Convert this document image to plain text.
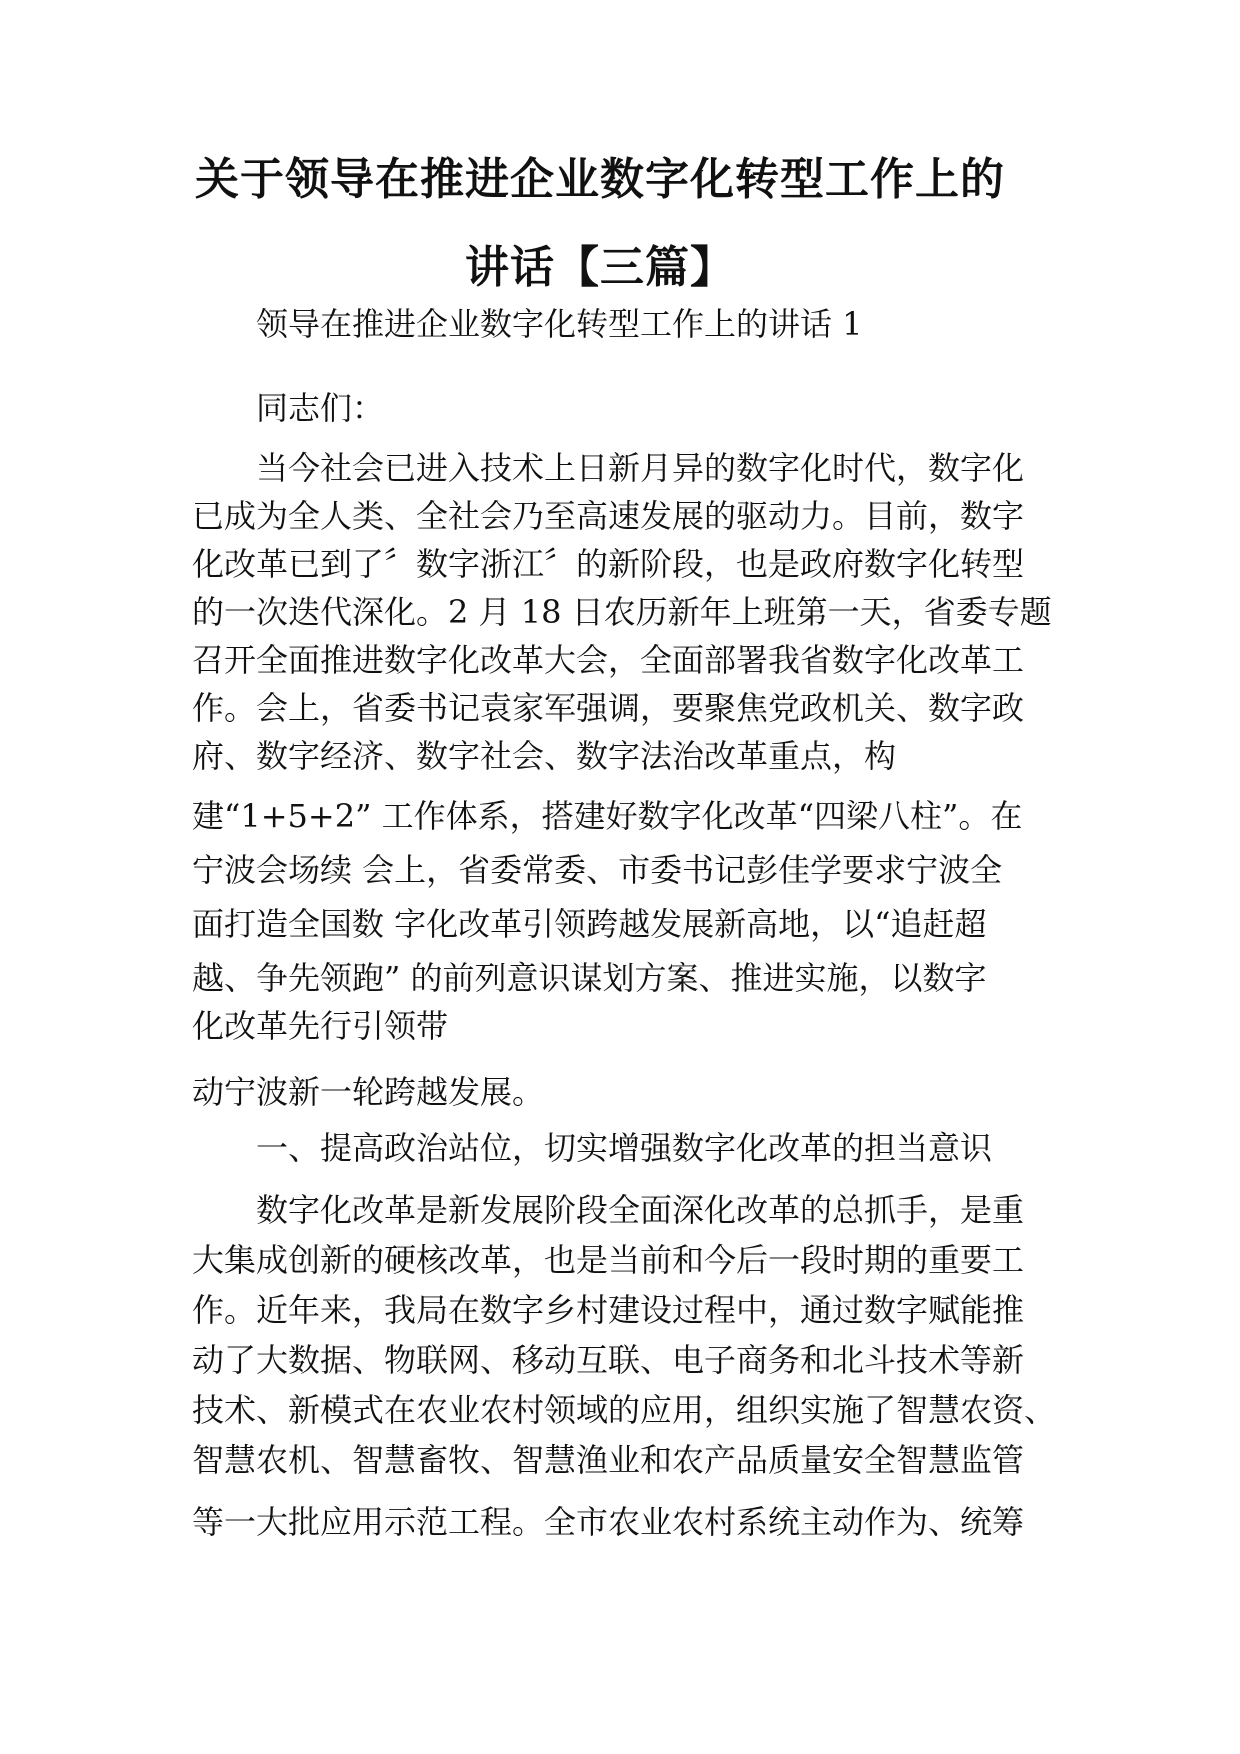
关于领导在推进企业数字化转型工作上的
讲话【三篇】
领导在推进企业数字化转型工作上的讲话 1
同志们：
当今社会已进入技术上日新月异的数字化时代，数字化
已成为全人类、全社会乃至高速发展的驱动力。目前，数字
化改革已到了〞数字浙江〞的新阶段，也是政府数字化转型
的一次迭代深化。2 月 18 日农历新年上班第一天，省委专题
召开全面推进数字化改革大会，全面部署我省数字化改革工
作。会上，省委书记袁家军强调，要聚焦党政机关、数字政
府、数字经济、数字社会、数字法治改革重点，构
建“1+5+2” 工作体系，搭建好数字化改革“四梁八柱”。在
宁波会场续 会上，省委常委、市委书记彭佳学要求宁波全
面打造全国数 字化改革引领跨越发展新高地，以“追赶超
越、争先领跑” 的前列意识谋划方案、推进实施，以数字
化改革先行引领带
动宁波新一轮跨越发展。
一、提高政治站位，切实增强数字化改革的担当意识
数字化改革是新发展阶段全面深化改革的总抓手，是重
大集成创新的硬核改革，也是当前和今后一段时期的重要工
作。近年来，我局在数字乡村建设过程中，通过数字赋能推
动了大数据、物联网、移动互联、电子商务和北斗技术等新
技术、新模式在农业农村领域的应用，组织实施了智慧农资、
智慧农机、智慧畜牧、智慧渔业和农产品质量安全智慧监管
等一大批应用示范工程。全市农业农村系统主动作为、统筹
